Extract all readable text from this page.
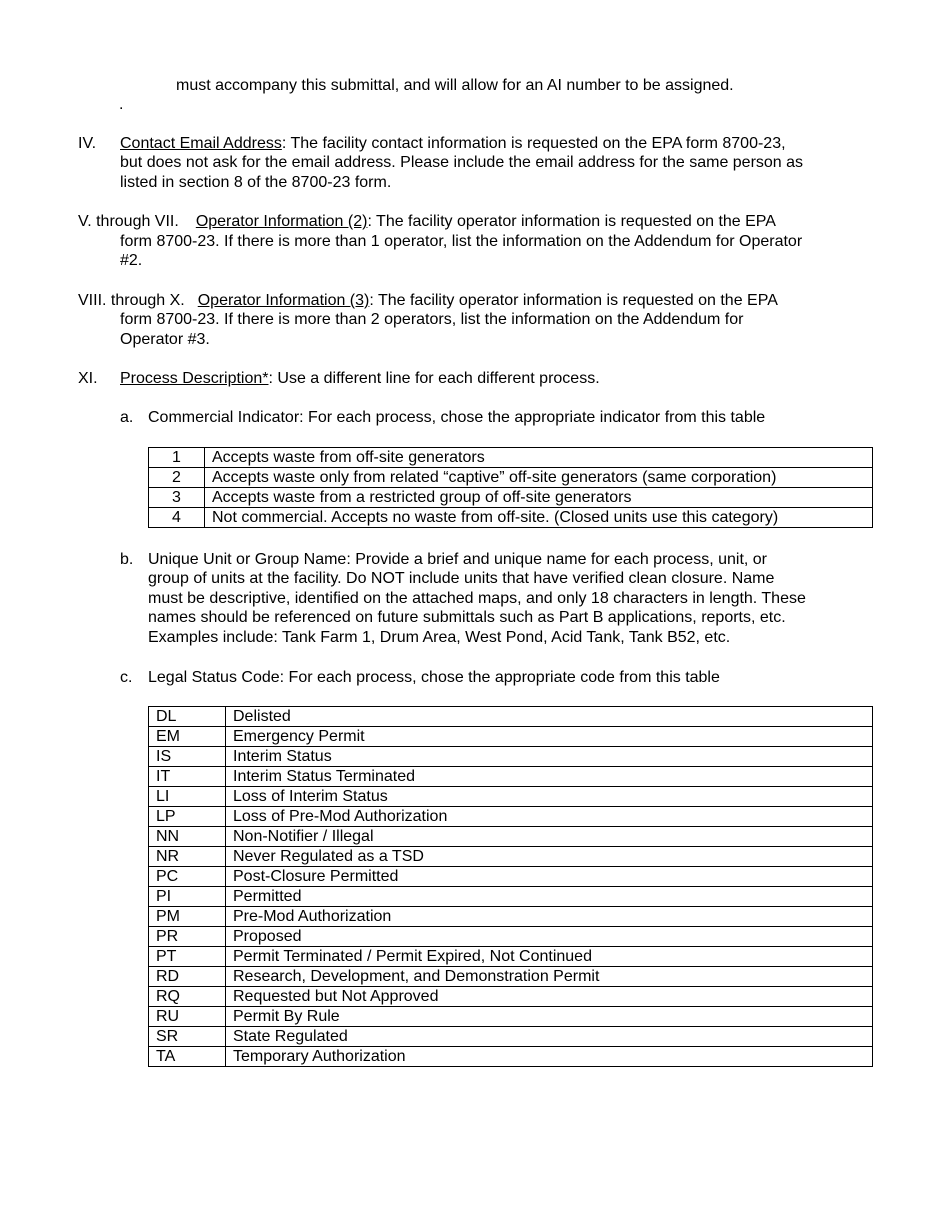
must accompany this submittal, and will allow for an AI number to be assigned.
.
IV. Contact Email Address: The facility contact information is requested on the EPA form 8700-23,
but does not ask for the email address. Please include the email address for the same person as
listed in section 8 of the 8700-23 form.
V. through VII. Operator Information (2): The facility operator information is requested on the EPA
form 8700-23. If there is more than 1 operator, list the information on the Addendum for Operator
#2.
VIII. through X. Operator Information (3): The facility operator information is requested on the EPA
form 8700-23. If there is more than 2 operators, list the information on the Addendum for
Operator #3.
XI. Process Description*: Use a different line for each different process.
a. Commercial Indicator: For each process, chose the appropriate indicator from this table
1	Accepts waste from off-site generators
2	Accepts waste only from related “captive” off-site generators (same corporation)
3	Accepts waste from a restricted group of off-site generators
4	Not commercial. Accepts no waste from off-site. (Closed units use this category)
b. Unique Unit or Group Name: Provide a brief and unique name for each process, unit, or
group of units at the facility. Do NOT include units that have verified clean closure. Name
must be descriptive, identified on the attached maps, and only 18 characters in length. These
names should be referenced on future submittals such as Part B applications, reports, etc.
Examples include: Tank Farm 1, Drum Area, West Pond, Acid Tank, Tank B52, etc.
c. Legal Status Code: For each process, chose the appropriate code from this table
DL	Delisted
EM	Emergency Permit
IS	Interim Status
IT	Interim Status Terminated
LI	Loss of Interim Status
LP	Loss of Pre-Mod Authorization
NN	Non-Notifier / Illegal
NR	Never Regulated as a TSD
PC	Post-Closure Permitted
PI	Permitted
PM	Pre-Mod Authorization
PR	Proposed
PT	Permit Terminated / Permit Expired, Not Continued
RD	Research, Development, and Demonstration Permit
RQ	Requested but Not Approved
RU	Permit By Rule
SR	State Regulated
TA	Temporary Authorization
